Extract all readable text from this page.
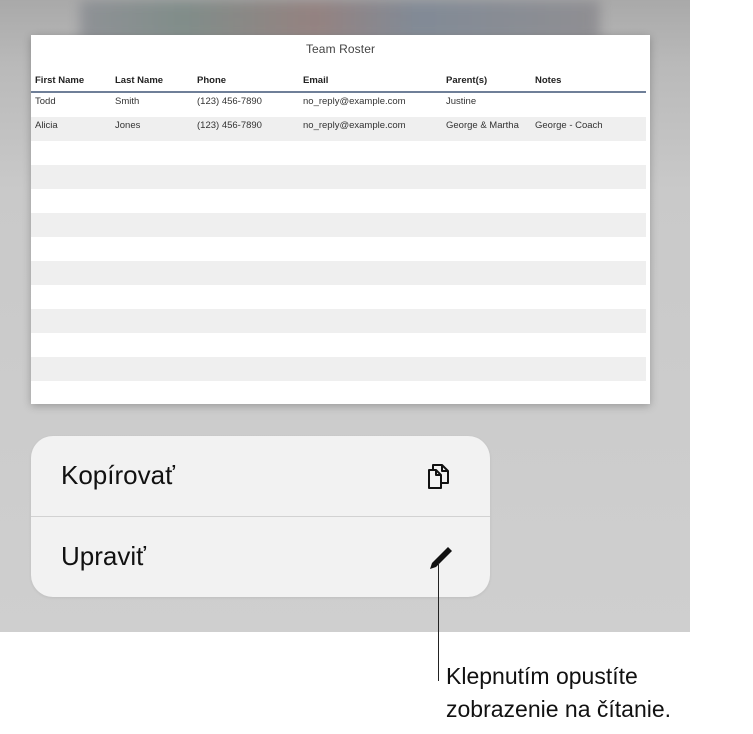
Team Roster
First Name	Last Name	Phone	Email	Parent(s)	Notes
Todd	Smith	(123) 456-7890	no_reply@example.com	Justine	
Alicia	Jones	(123) 456-7890	no_reply@example.com	George & Martha	George - Coach

Kopírovať
Upraviť
Klepnutím opustíte
zobrazenie na čítanie.
